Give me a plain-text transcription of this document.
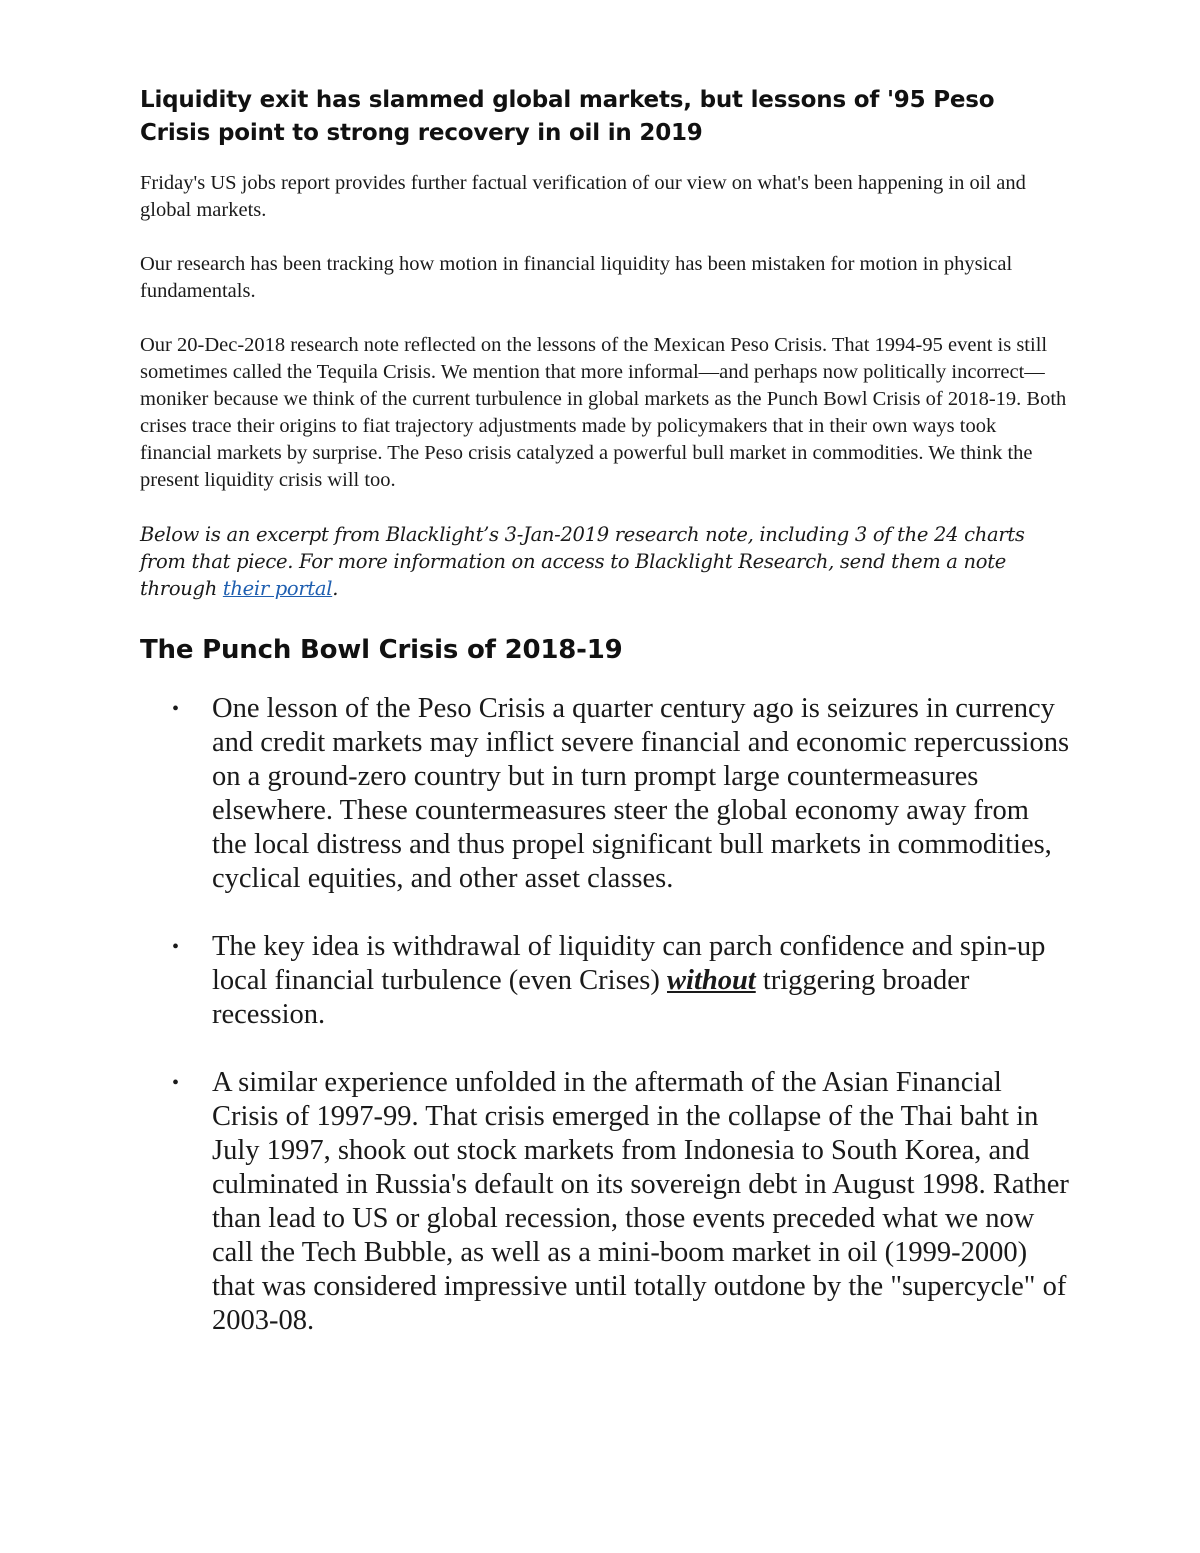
Liquidity exit has slammed global markets, but lessons of '95 Peso Crisis point to strong recovery in oil in 2019

Friday's US jobs report provides further factual verification of our view on what's been happening in oil and global markets.

Our research has been tracking how motion in financial liquidity has been mistaken for motion in physical fundamentals.

Our 20-Dec-2018 research note reflected on the lessons of the Mexican Peso Crisis. That 1994-95 event is still sometimes called the Tequila Crisis. We mention that more informal—and perhaps now politically incorrect—moniker because we think of the current turbulence in global markets as the Punch Bowl Crisis of 2018-19. Both crises trace their origins to fiat trajectory adjustments made by policymakers that in their own ways took financial markets by surprise. The Peso crisis catalyzed a powerful bull market in commodities. We think the present liquidity crisis will too.

Below is an excerpt from Blacklight’s 3-Jan-2019 research note, including 3 of the 24 charts from that piece. For more information on access to Blacklight Research, send them a note through their portal.

The Punch Bowl Crisis of 2018-19
• One lesson of the Peso Crisis a quarter century ago is seizures in currency and credit markets may inflict severe financial and economic repercussions on a ground-zero country but in turn prompt large countermeasures elsewhere. These countermeasures steer the global economy away from the local distress and thus propel significant bull markets in commodities, cyclical equities, and other asset classes.
• The key idea is withdrawal of liquidity can parch confidence and spin-up local financial turbulence (even Crises) without triggering broader recession.
• A similar experience unfolded in the aftermath of the Asian Financial Crisis of 1997-99. That crisis emerged in the collapse of the Thai baht in July 1997, shook out stock markets from Indonesia to South Korea, and culminated in Russia's default on its sovereign debt in August 1998. Rather than lead to US or global recession, those events preceded what we now call the Tech Bubble, as well as a mini-boom market in oil (1999-2000) that was considered impressive until totally outdone by the "supercycle" of 2003-08.
